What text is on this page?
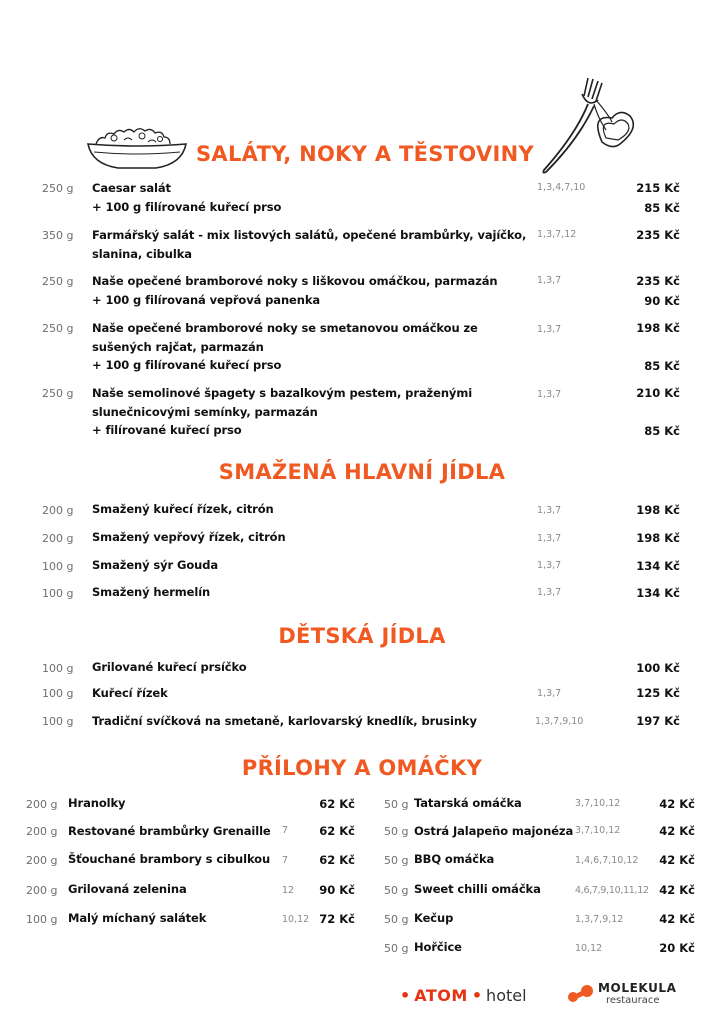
SALÁTY, NOKY A TĚSTOVINY
250 g Caesar salát	1,3,4,7,10	215 Kč
+ 100 g filírované kuřecí prso	85 Kč
350 g Farmářský salát - mix listových salátů, opečené brambůrky, vajíčko,
slanina, cibulka
1,3,7,12	235 Kč
250 g Naše opečené bramborové noky s liškovou omáčkou, parmazán	1,3,7	235 Kč
+ 100 g filírovaná vepřová panenka	90 Kč
250 g Naše opečené bramborové noky se smetanovou omáčkou ze
sušených rajčat, parmazán
1,3,7	198 Kč
+ 100 g filírované kuřecí prso	85 Kč
250 g Naše semolinové špagety s bazalkovým pestem, praženými
slunečnicovými semínky, parmazán
1,3,7	210 Kč
+ filírované kuřecí prso	85 Kč
SMAŽENÁ HLAVNÍ JÍDLA
200 g Smažený kuřecí řízek, citrón	1,3,7	198 Kč
200 g Smažený vepřový řízek, citrón	1,3,7	198 Kč
100 g Smažený sýr Gouda	1,3,7	134 Kč
100 g Smažený hermelín	1,3,7	134 Kč
DĚTSKÁ JÍDLA
100 g Grilované kuřecí prsíčko	100 Kč
100 g Kuřecí řízek	1,3,7	125 Kč
100 g Tradiční svíčková na smetaně, karlovarský knedlík, brusinky	1,3,7,9,10	197 Kč
PŘÍLOHY A OMÁČKY
200 g Hranolky	62 Kč
200 g Restované brambůrky Grenaille 7	62 Kč
200 g Šťouchané brambory s cibulkou 7	62 Kč
200 g Grilovaná zelenina	12	90 Kč
100 g Malý míchaný salátek	10,12 72 Kč
50 g Tatarská omáčka	3,7,10,12	42 Kč
50 g Ostrá Jalapeño majonéza 3,7,10,12	42 Kč
50 g BBQ omáčka	1,4,6,7,10,12	42 Kč
50 g Sweet chilli omáčka	4,6,7,9,10,11,12 42 Kč
50 g Kečup	1,3,7,9,12	42 Kč
50 g Hořčice	10,12	20 Kč
• ATOM • hotel	MOLEKULA
restaurace
